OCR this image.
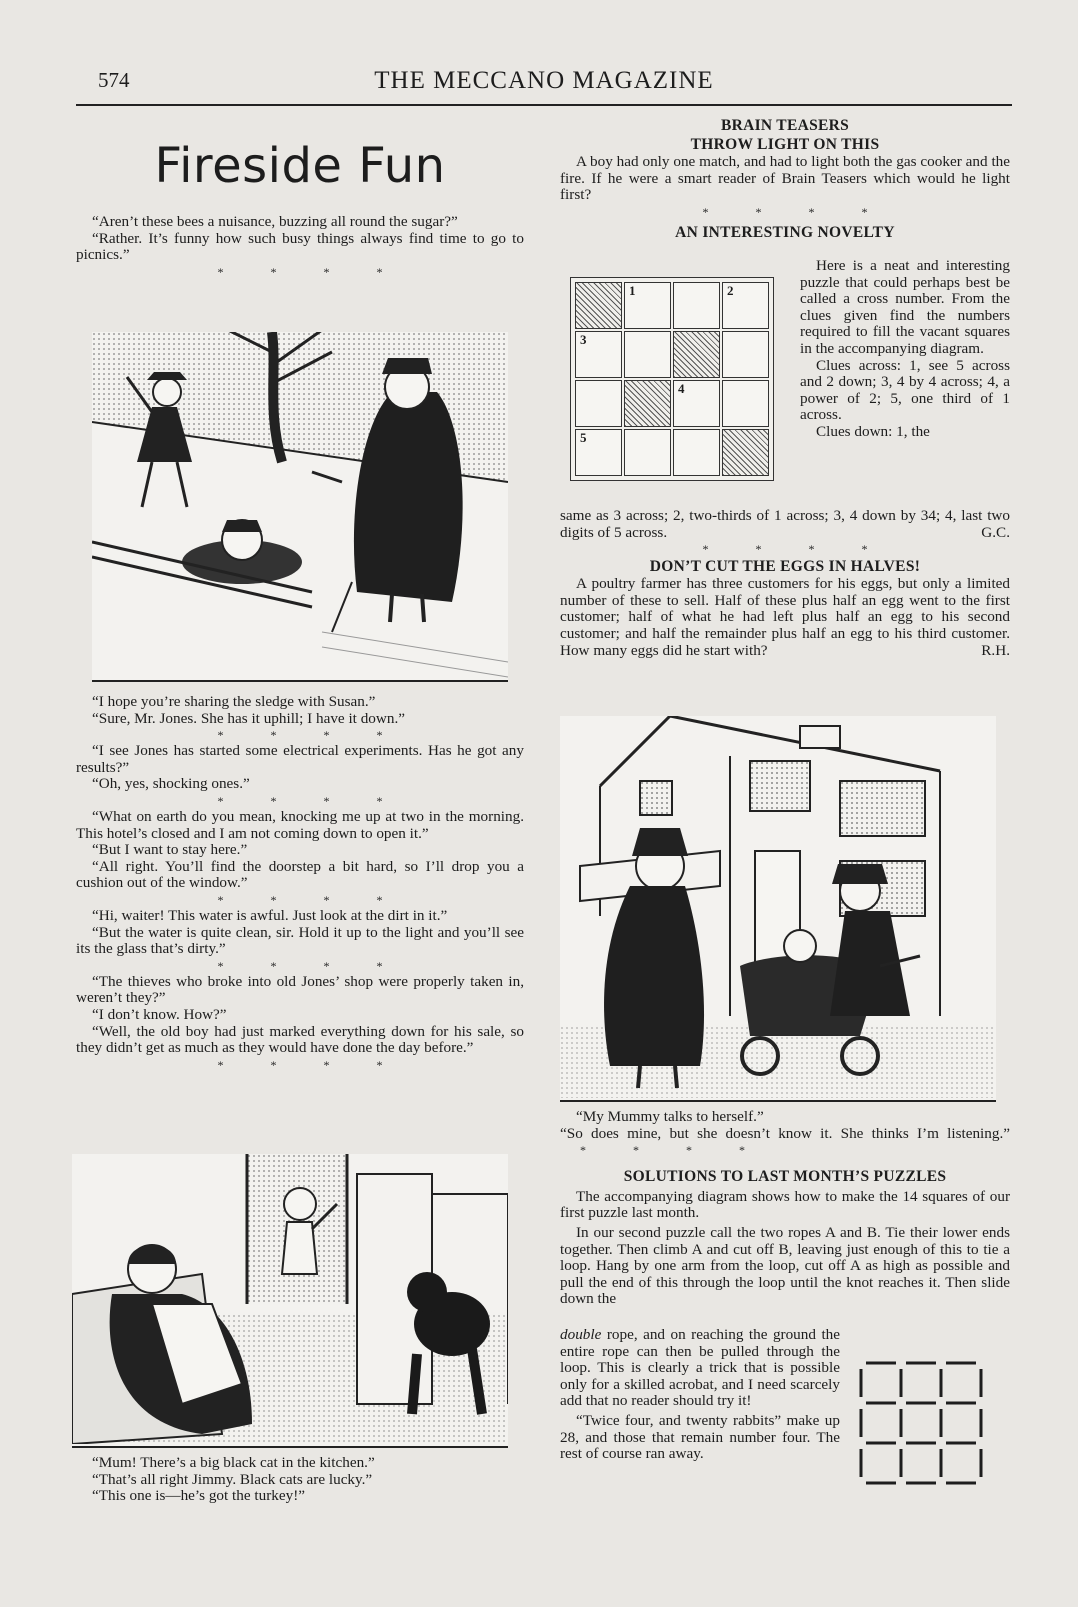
574	THE MECCANO MAGAZINE
Fireside Fun

“Aren’t these bees a nuisance, buzzing all round the sugar?”

“Rather. It’s funny how such busy things always find time to go to picnics.”

* * * *

“I hope you’re sharing the sledge with Susan.”

“Sure, Mr. Jones. She has it uphill; I have it down.”

* * * *

“I see Jones has started some electrical experiments. Has he got any results?”

“Oh, yes, shocking ones.”

* * * *

“What on earth do you mean, knocking me up at two in the morning. This hotel’s closed and I am not coming down to open it.”

“But I want to stay here.”

“All right. You’ll find the doorstep a bit hard, so I’ll drop you a cushion out of the window.”

* * * *

“Hi, waiter! This water is awful. Just look at the dirt in it.”

“But the water is quite clean, sir. Hold it up to the light and you’ll see its the glass that’s dirty.”

* * * *

“The thieves who broke into old Jones’ shop were properly taken in, weren’t they?”

“I don’t know. How?”

“Well, the old boy had just marked everything down for his sale, so they didn’t get as much as they would have done the day before.”

* * * *

“Mum! There’s a big black cat in the kitchen.”

“That’s all right Jimmy. Black cats are lucky.”

“This one is—he’s got the turkey!”

BRAIN TEASERS
THROW LIGHT ON THIS

A boy had only one match, and had to light both the gas cooker and the fire. If he were a smart reader of Brain Teasers which would he light first?

* * * *
AN INTERESTING NOVELTY
	1		2
3			
		4	
5			

Here is a neat and interesting puzzle that could perhaps best be called a cross number. From the clues given find the numbers required to fill the vacant squares in the accompanying diagram.

Clues across: 1, see 5 across and 2 down; 3, 4 by 4 across; 4, a power of 2; 5, one third of 1 across.

Clues down: 1, the

same as 3 across; 2, two-thirds of 1 across; 3, 4 down by 34; 4, last two digits of 5 across.	G.C.

* * * *
DON’T CUT THE EGGS IN HALVES!

A poultry farmer has three customers for his eggs, but only a limited number of these to sell. Half of these plus half an egg went to the first customer; half of what he had left plus half an egg to his second customer; and half the remainder plus half an egg to his third customer. How many eggs did he start with?	R.H.

“My Mummy talks to herself.”

“So does mine, but she doesn’t know it. She thinks I’m listening.” * * * *

SOLUTIONS TO LAST MONTH’S PUZZLES

The accompanying diagram shows how to make the 14 squares of our first puzzle last month.

In our second puzzle call the two ropes A and B. Tie their lower ends together. Then climb A and cut off B, leaving just enough of this to tie a loop. Hang by one arm from the loop, cut off A as high as possible and pull the end of this through the loop until the knot reaches it. Then slide down the

double rope, and on reaching the ground the entire rope can then be pulled through the loop. This is clearly a trick that is possible only for a skilled acrobat, and I need scarcely add that no reader should try it!

“Twice four, and twenty rabbits” make up 28, and those that remain number four. The rest of course ran away.
